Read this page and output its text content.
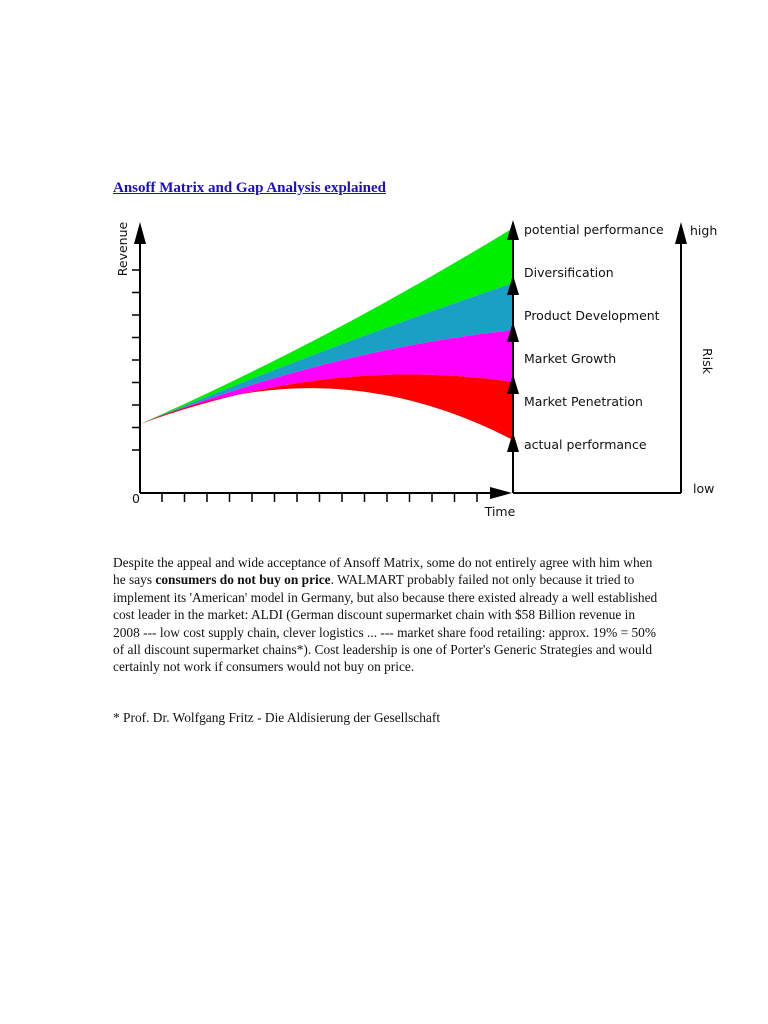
Ansoff Matrix and Gap Analysis explained
Revenue
0
Time
potential performance
Diversification
Product Development
Market Growth
Market Penetration
actual performance
high
Risk
low
Despite the appeal and wide acceptance of Ansoff Matrix, some do not entirely agree with him when he says consumers do not buy on price. WALMART probably failed not only because it tried to implement its 'American' model in Germany, but also because there existed already a well established cost leader in the market: ALDI (German discount supermarket chain with $58 Billion revenue in 2008 --- low cost supply chain, clever logistics ... --- market share food retailing: approx. 19% = 50% of all discount supermarket chains*). Cost leadership is one of Porter's Generic Strategies and would certainly not work if consumers would not buy on price.
* Prof. Dr. Wolfgang Fritz - Die Aldisierung der Gesellschaft
